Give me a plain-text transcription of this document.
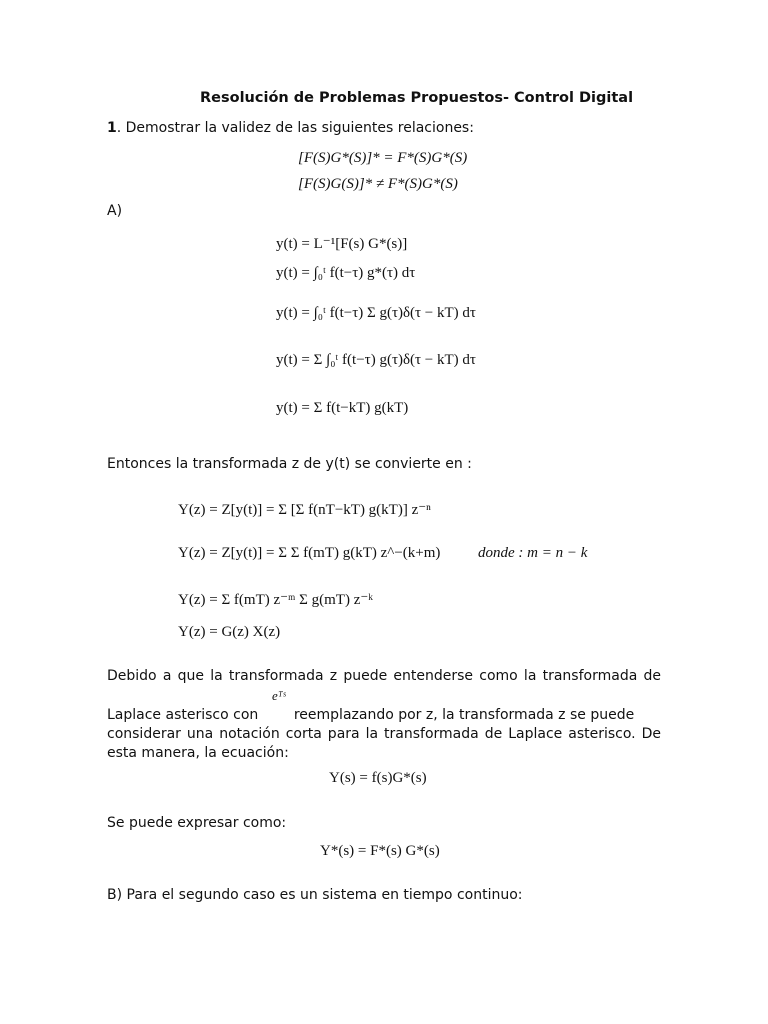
Resolución de Problemas Propuestos- Control Digital
1. Demostrar la validez de las siguientes relaciones:
[F(S)G*(S)]* = F*(S)G*(S)
[F(S)G(S)]* ≠ F*(S)G*(S)
A)
y(t) = L⁻¹[F(s) G*(s)]
y(t) = ∫₀ᵗ f(t−τ) g*(τ) dτ
y(t) = ∫₀ᵗ f(t−τ) Σ g(τ)δ(τ − kT) dτ
y(t) = Σ ∫₀ᵗ f(t−τ) g(τ)δ(τ − kT) dτ
y(t) = Σ f(t−kT) g(kT)
Entonces la transformada z de y(t) se convierte en :
Y(z) = Z[y(t)] = Σ [Σ f(nT−kT) g(kT)] z⁻ⁿ
Y(z) = Z[y(t)] = Σ Σ f(mT) g(kT) z^−(k+m)	donde : m = n − k
Y(z) = Σ f(mT) z⁻ᵐ Σ g(mT) z⁻ᵏ
Y(z) = G(z) X(z)
Debido a que la transformada z puede entenderse como la transformada de
eᵀˢ
Laplace asterisco con        reemplazando por z, la transformada z se puede
considerar una notación corta para la transformada de Laplace asterisco. De
esta manera, la ecuación:
Y(s) = f(s)G*(s)
Se puede expresar como:
Y*(s) = F*(s) G*(s)
B) Para el segundo caso es un sistema en tiempo continuo:
